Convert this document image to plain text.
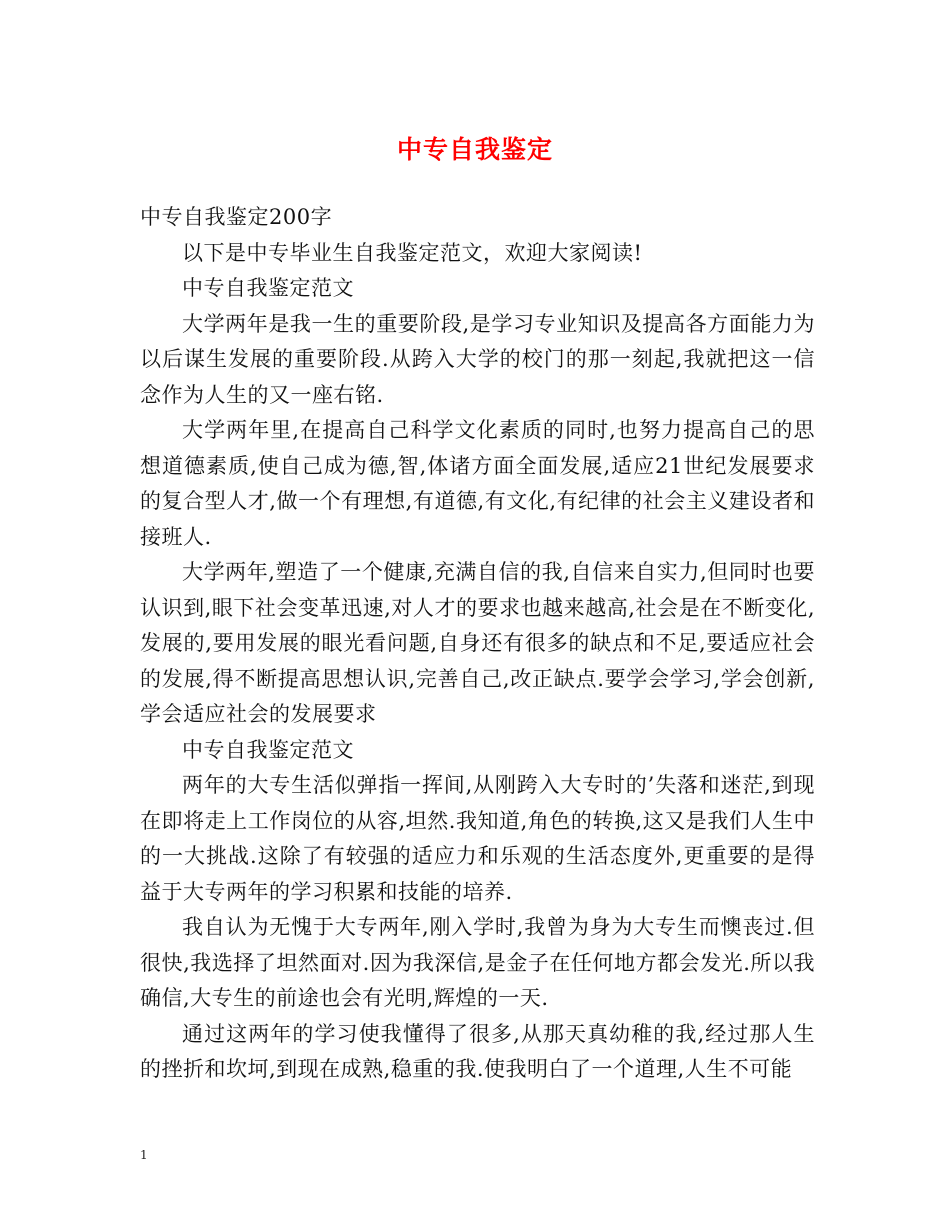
中专自我鉴定

中专自我鉴定200字

以下是中专毕业生自我鉴定范文，欢迎大家阅读!

中专自我鉴定范文

大学两年是我一生的重要阶段,是学习专业知识及提高各方面能力为以后谋生发展的重要阶段.从跨入大学的校门的那一刻起,我就把这一信念作为人生的又一座右铭.

大学两年里,在提高自己科学文化素质的同时,也努力提高自己的思想道德素质,使自己成为德,智,体诸方面全面发展,适应21世纪发展要求的复合型人才,做一个有理想,有道德,有文化,有纪律的社会主义建设者和接班人.

大学两年,塑造了一个健康,充满自信的我,自信来自实力,但同时也要认识到,眼下社会变革迅速,对人才的要求也越来越高,社会是在不断变化,发展的,要用发展的眼光看问题,自身还有很多的缺点和不足,要适应社会的发展,得不断提高思想认识,完善自己,改正缺点.要学会学习,学会创新,学会适应社会的发展要求

中专自我鉴定范文

两年的大专生活似弹指一挥间,从刚跨入大专时的’失落和迷茫,到现在即将走上工作岗位的从容,坦然.我知道,角色的转换,这又是我们人生中的一大挑战.这除了有较强的适应力和乐观的生活态度外,更重要的是得益于大专两年的学习积累和技能的培养.

我自认为无愧于大专两年,刚入学时,我曾为身为大专生而懊丧过.但很快,我选择了坦然面对.因为我深信,是金子在任何地方都会发光.所以我确信,大专生的前途也会有光明,辉煌的一天.

通过这两年的学习使我懂得了很多,从那天真幼稚的我,经过那人生的挫折和坎坷,到现在成熟,稳重的我.使我明白了一个道理,人生不可能

1
